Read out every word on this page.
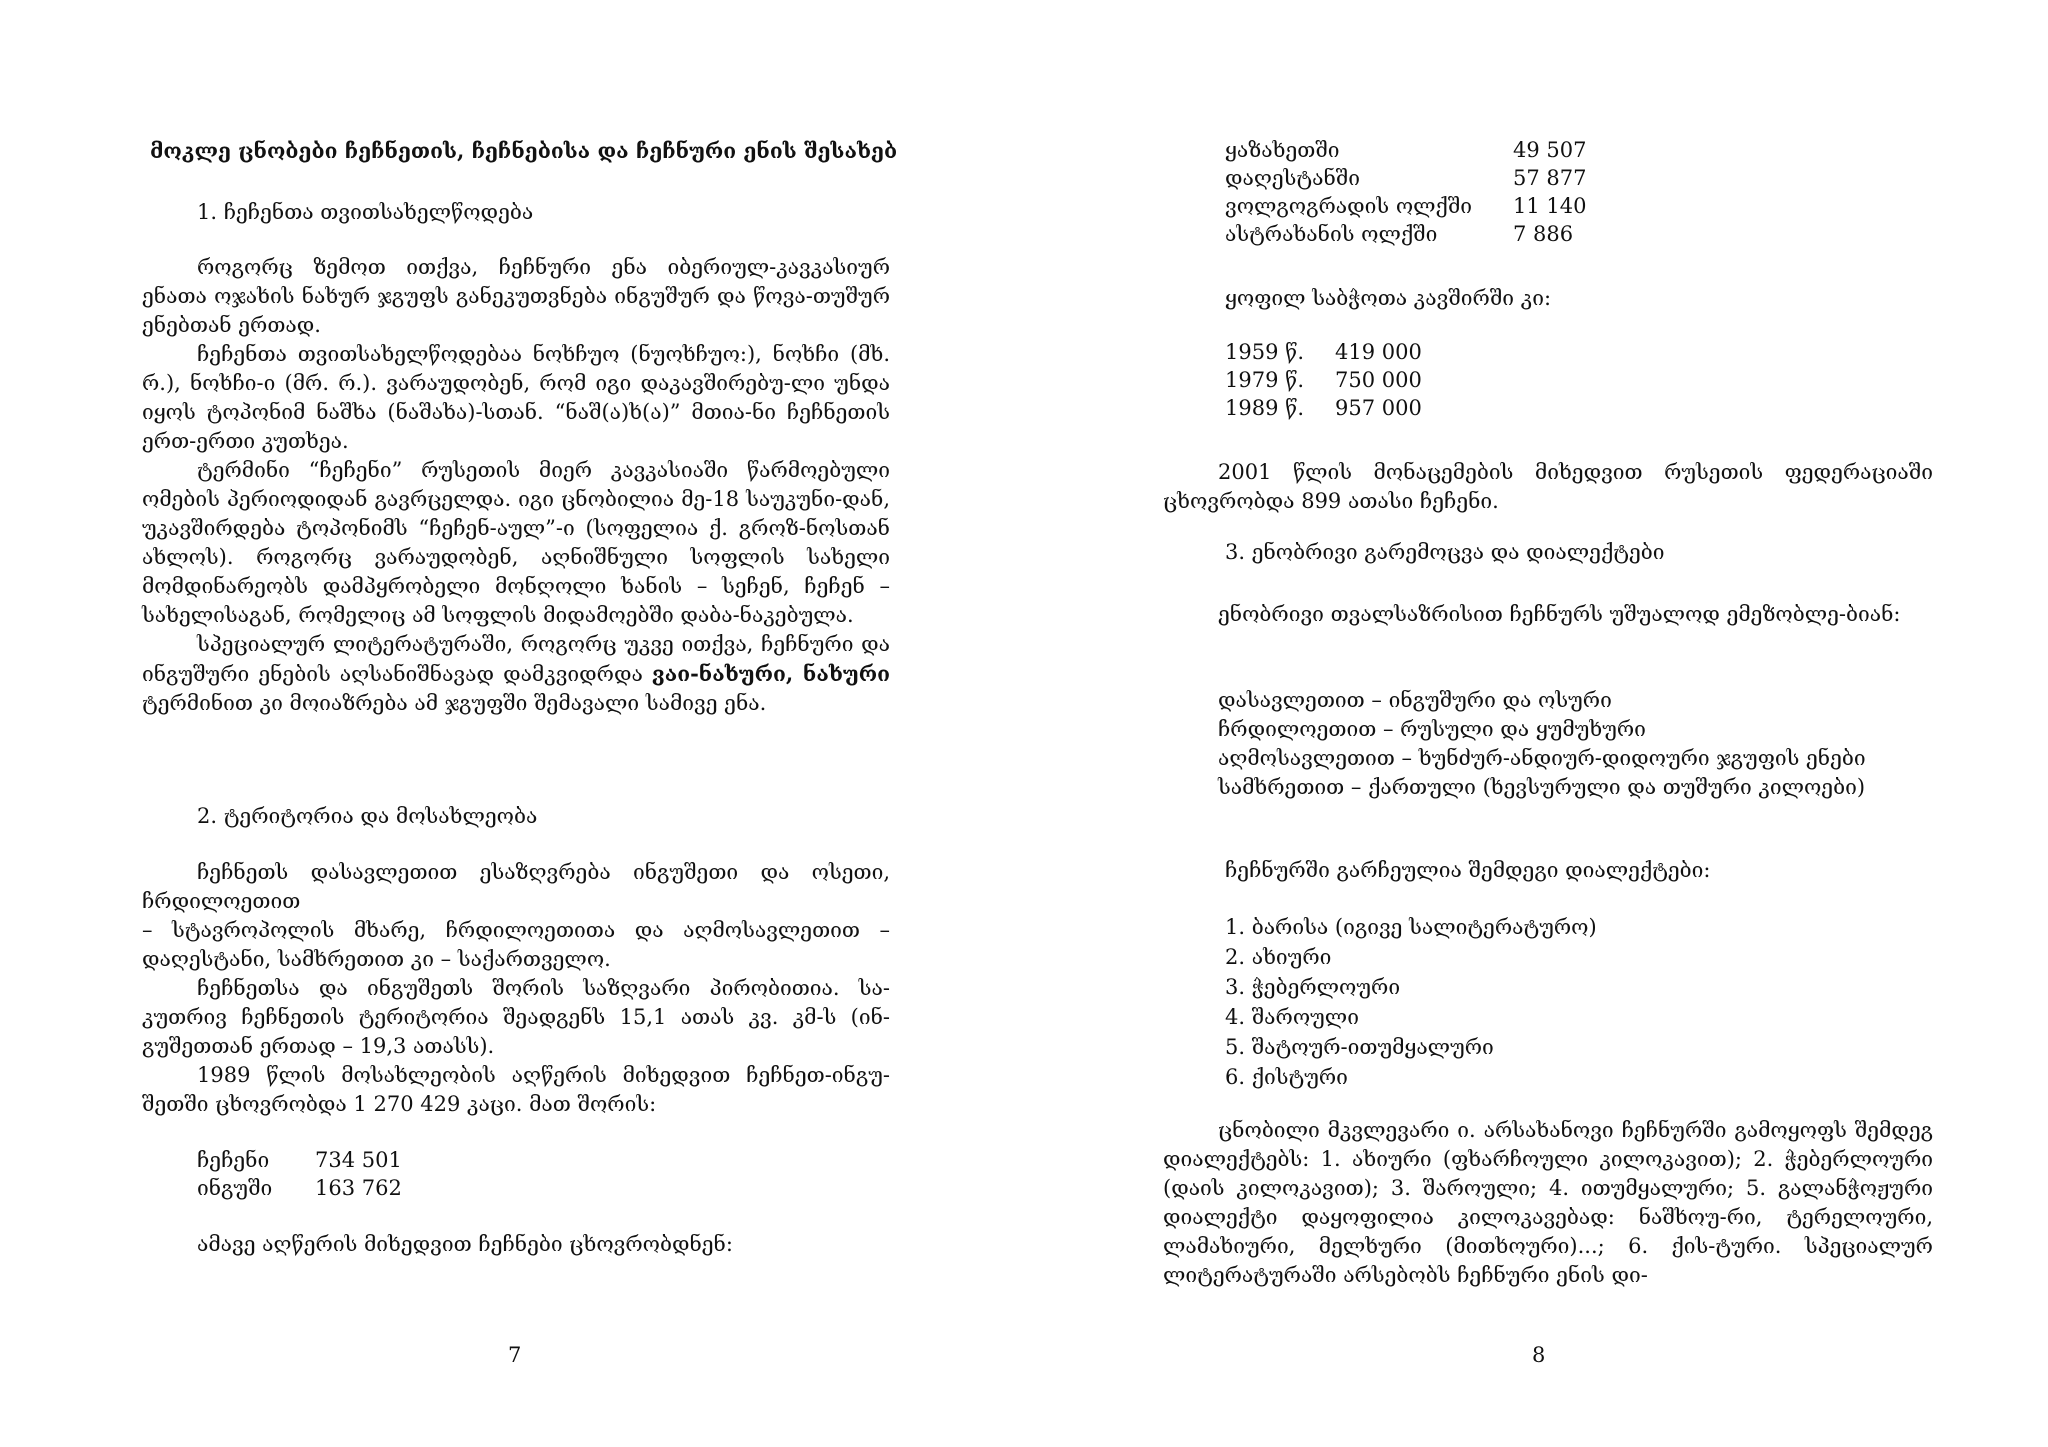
მოკლე ცნობები ჩეჩნეთის, ჩეჩნებისა და ჩეჩნური ენის შესახებ
1. ჩეჩენთა თვითსახელწოდება

როგორც ზემოთ ითქვა, ჩეჩნური ენა იბერიულ-კავკასიურ ენათა ოჯახის ნახურ ჯგუფს განეკუთვნება ინგუშურ და წოვა-თუშურ ენებთან ერთად.

ჩეჩენთა თვითსახელწოდებაა ნოხჩუო (ნუოხჩუო:), ნოხჩი (მხ. რ.), ნოხჩი-ი (მრ. რ.). ვარაუდობენ, რომ იგი დაკავშირებუ-ლი უნდა იყოს ტოპონიმ ნაშხა (ნაშახა)-სთან. “ნაშ(ა)ხ(ა)” მთია-ნი ჩეჩნეთის ერთ-ერთი კუთხეა.

ტერმინი “ჩეჩენი” რუსეთის მიერ კავკასიაში წარმოებული ომების პერიოდიდან გავრცელდა. იგი ცნობილია მე-18 საუკუნი-დან, უკავშირდება ტოპონიმს “ჩეჩენ-აულ”-ი (სოფელია ქ. გროზ-ნოსთან ახლოს). როგორც ვარაუდობენ, აღნიშნული სოფლის სახელი მომდინარეობს დამპყრობელი მონღოლი ხანის – სეჩენ, ჩეჩენ – სახელისაგან, რომელიც ამ სოფლის მიდამოებში დაბა-ნაკებულა.

სპეციალურ ლიტერატურაში, როგორც უკვე ითქვა, ჩეჩნური და ინგუშური ენების აღსანიშნავად დამკვიდრდა ვაი-ნახური, ნახური ტერმინით კი მოიაზრება ამ ჯგუფში შემავალი სამივე ენა.

2. ტერიტორია და მოსახლეობა

ჩეჩნეთს დასავლეთით ესაზღვრება ინგუშეთი და ოსეთი, ჩრდილოეთით

– სტავროპოლის მხარე, ჩრდილოეთითა და აღმოსავლეთით – დაღესტანი, სამხრეთით კი – საქართველო.

ჩეჩნეთსა და ინგუშეთს შორის საზღვარი პირობითია. სა-კუთრივ ჩეჩნეთის ტერიტორია შეადგენს 15,1 ათას კვ. კმ-ს (ინ-გუშეთთან ერთად – 19,3 ათასს).

1989 წლის მოსახლეობის აღწერის მიხედვით ჩეჩნეთ-ინგუ-შეთში ცხოვრობდა 1 270 429 კაცი. მათ შორის:

ჩეჩენი 734 501
ინგუში 163 762
ამავე აღწერის მიხედვით ჩეჩნები ცხოვრობდნენ:
7
ყაზახეთში	49 507
დაღესტანში	57 877
ვოლგოგრადის ოლქში 11 140
ასტრახანის ოლქში	7 886
ყოფილ საბჭოთა კავშირში კი:
1959 წ. 419 000
1979 წ. 750 000
1989 წ. 957 000

2001 წლის მონაცემების მიხედვით რუსეთის ფედერაციაში ცხოვრობდა 899 ათასი ჩეჩენი.

3. ენობრივი გარემოცვა და დიალექტები

ენობრივი თვალსაზრისით ჩეჩნურს უშუალოდ ემეზობლე-ბიან:

დასავლეთით – ინგუშური და ოსური

ჩრდილოეთით – რუსული და ყუმუხური

აღმოსავლეთით – ხუნძურ-ანდიურ-დიდოური ჯგუფის ენები

სამხრეთით – ქართული (ხევსურული და თუშური კილოები)

ჩეჩნურში გარჩეულია შემდეგი დიალექტები:
1. ბარისა (იგივე სალიტერატურო)
2. ახიური
3. ჭებერლოური
4. შაროული
5. შატოურ-ითუმყალური
6. ქისტური

ცნობილი მკვლევარი ი. არსახანოვი ჩეჩნურში გამოყოფს შემდეგ დიალექტებს: 1. ახიური (ფხარჩოული კილოკავით); 2. ჭებერლოური (დაის კილოკავით); 3. შაროული; 4. ითუმყალური; 5. გალანჭოჟური დიალექტი დაყოფილია კილოკავებად: ნაშხოუ-რი, ტერელოური, ლამახიური, მელხური (მითხოური)...; 6. ქის-ტური. სპეციალურ ლიტერატურაში არსებობს ჩეჩნური ენის დი-

8
